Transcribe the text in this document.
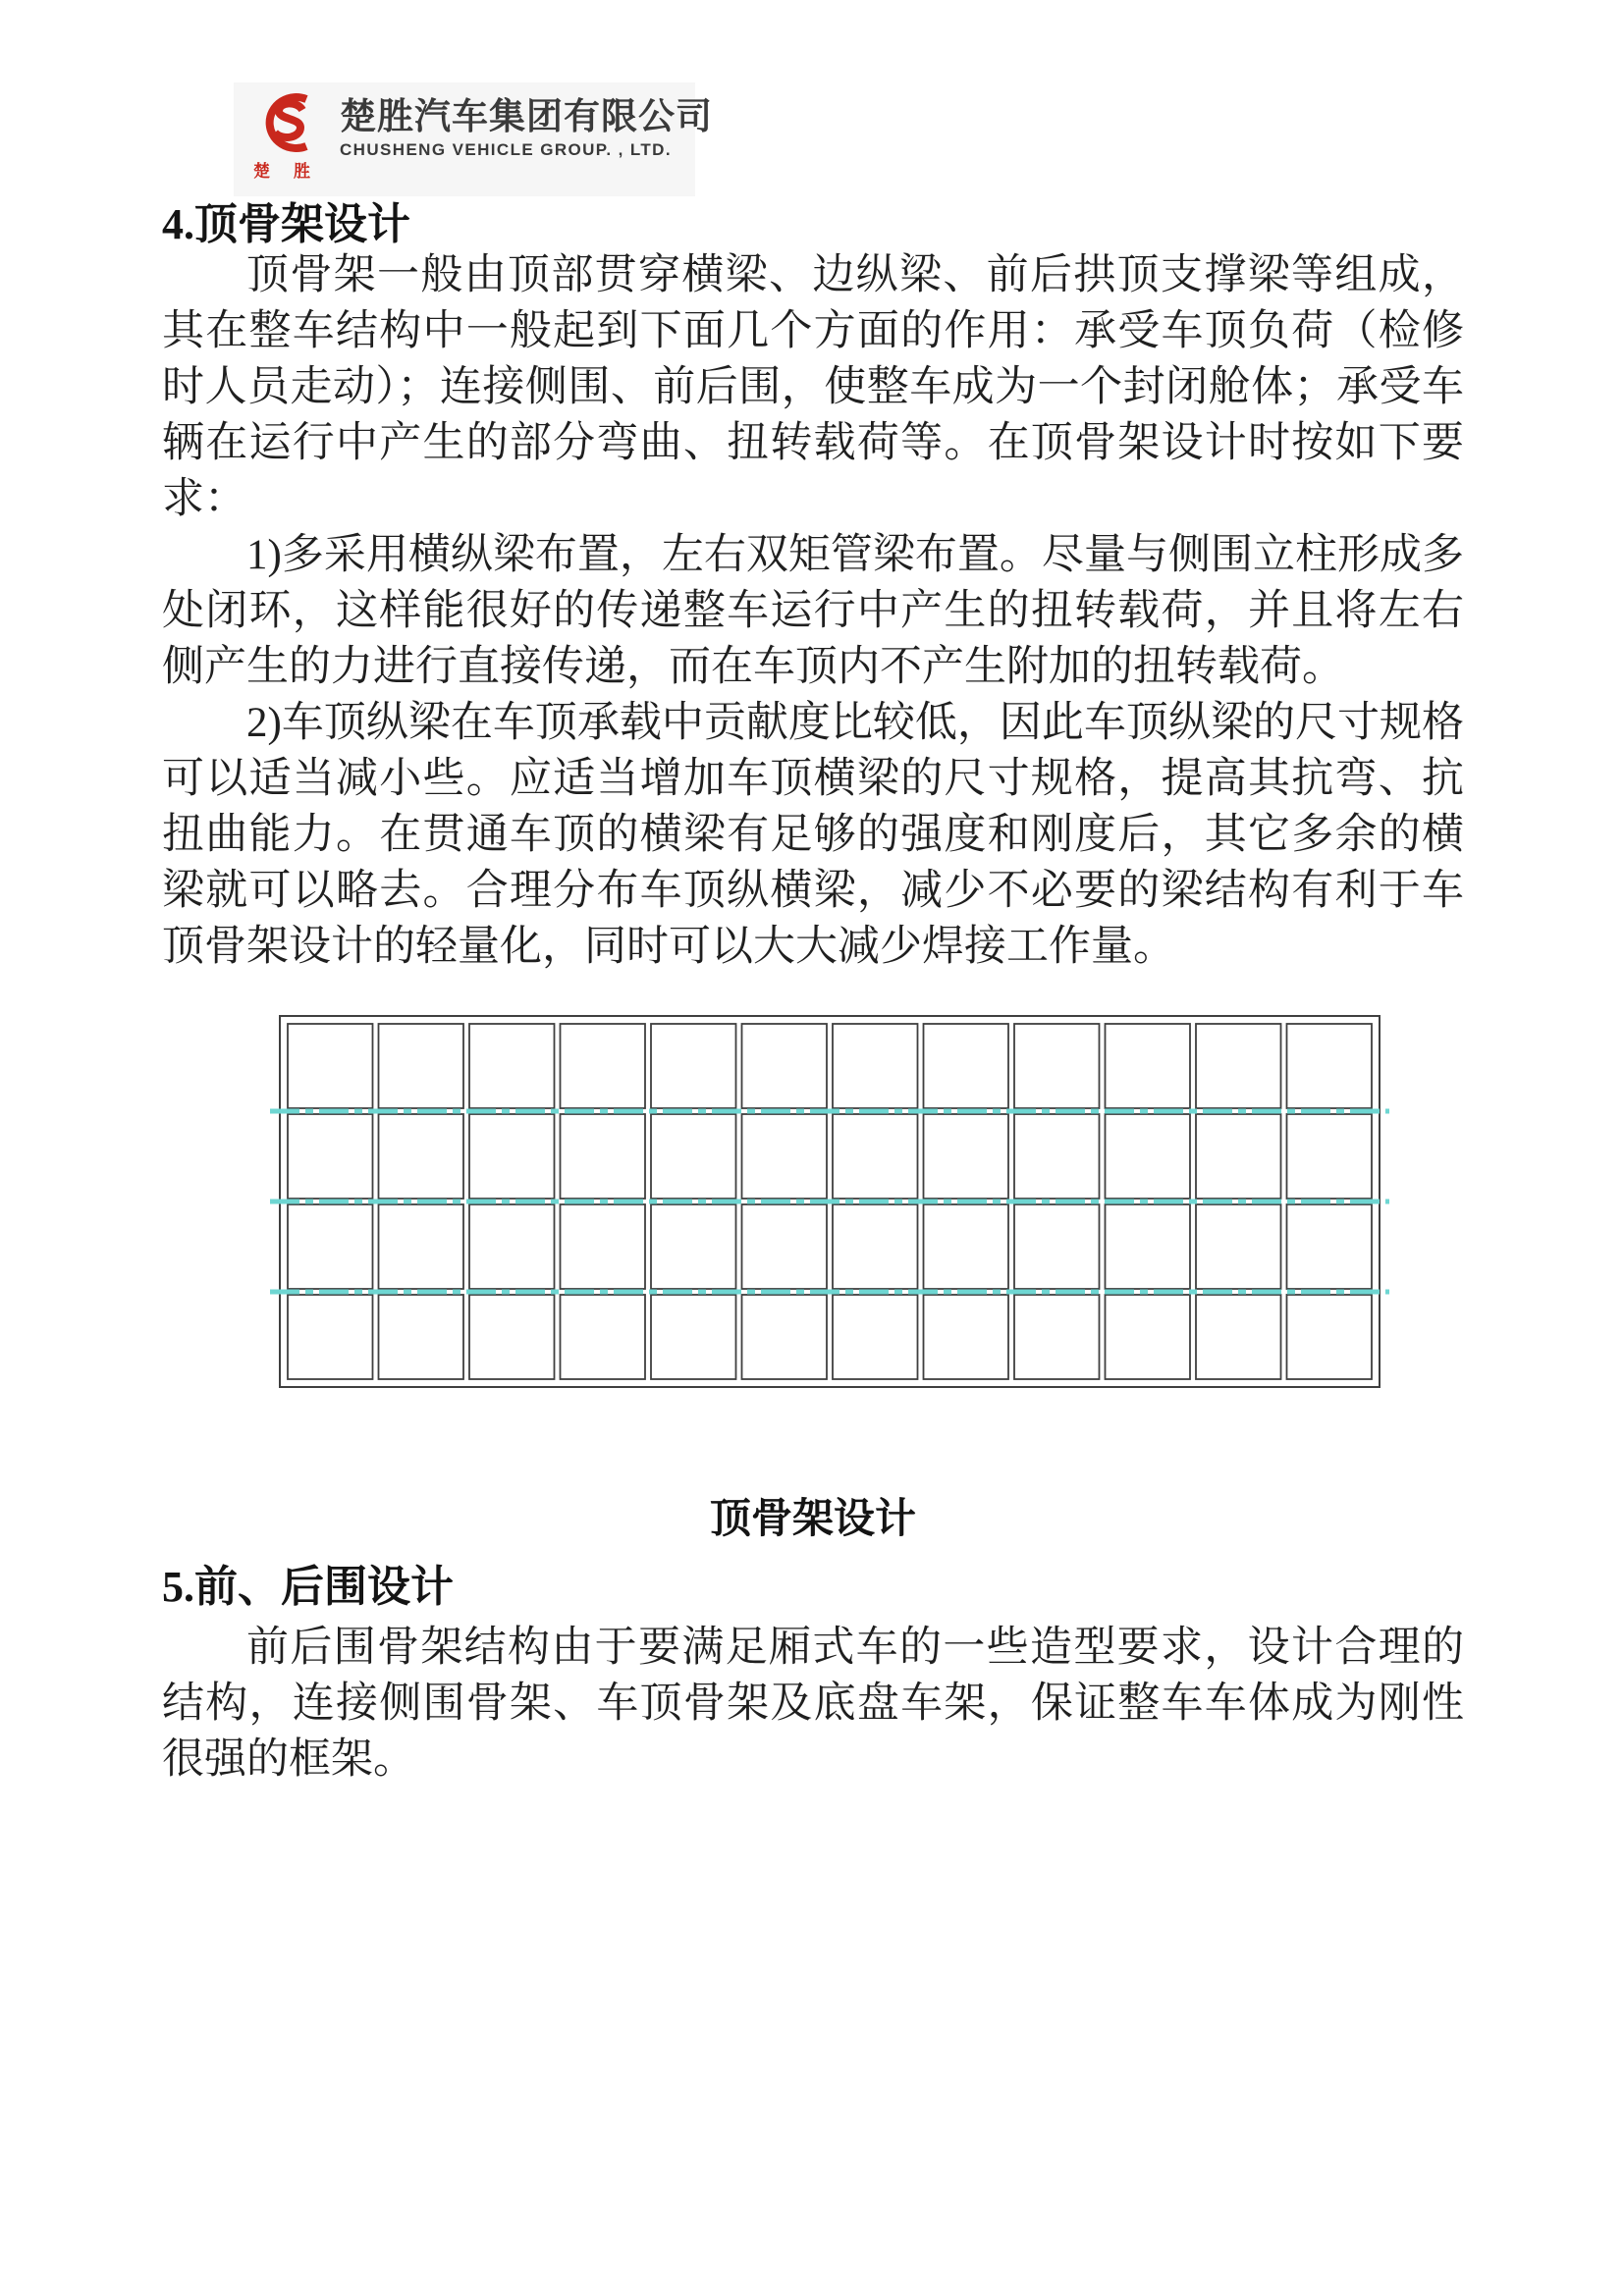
楚胜
楚胜汽车集团有限公司
CHUSHENG VEHICLE GROUP. , LTD.
4.顶骨架设计

顶骨架一般由顶部贯穿横梁、边纵梁、前后拱顶支撑梁等组成，其在整车结构中一般起到下面几个方面的作用：承受车顶负荷（检修时人员走动）；连接侧围、前后围，使整车成为一个封闭舱体；承受车辆在运行中产生的部分弯曲、扭转载荷等。在顶骨架设计时按如下要求：

1)多采用横纵梁布置，左右双矩管梁布置。尽量与侧围立柱形成多处闭环，这样能很好的传递整车运行中产生的扭转载荷，并且将左右侧产生的力进行直接传递，而在车顶内不产生附加的扭转载荷。

2)车顶纵梁在车顶承载中贡献度比较低，因此车顶纵梁的尺寸规格可以适当减小些。应适当增加车顶横梁的尺寸规格，提高其抗弯、抗扭曲能力。在贯通车顶的横梁有足够的强度和刚度后，其它多余的横梁就可以略去。合理分布车顶纵横梁，减少不必要的梁结构有利于车顶骨架设计的轻量化，同时可以大大减少焊接工作量。

顶骨架设计
5.前、后围设计

前后围骨架结构由于要满足厢式车的一些造型要求，设计合理的结构，连接侧围骨架、车顶骨架及底盘车架，保证整车车体成为刚性很强的框架。
